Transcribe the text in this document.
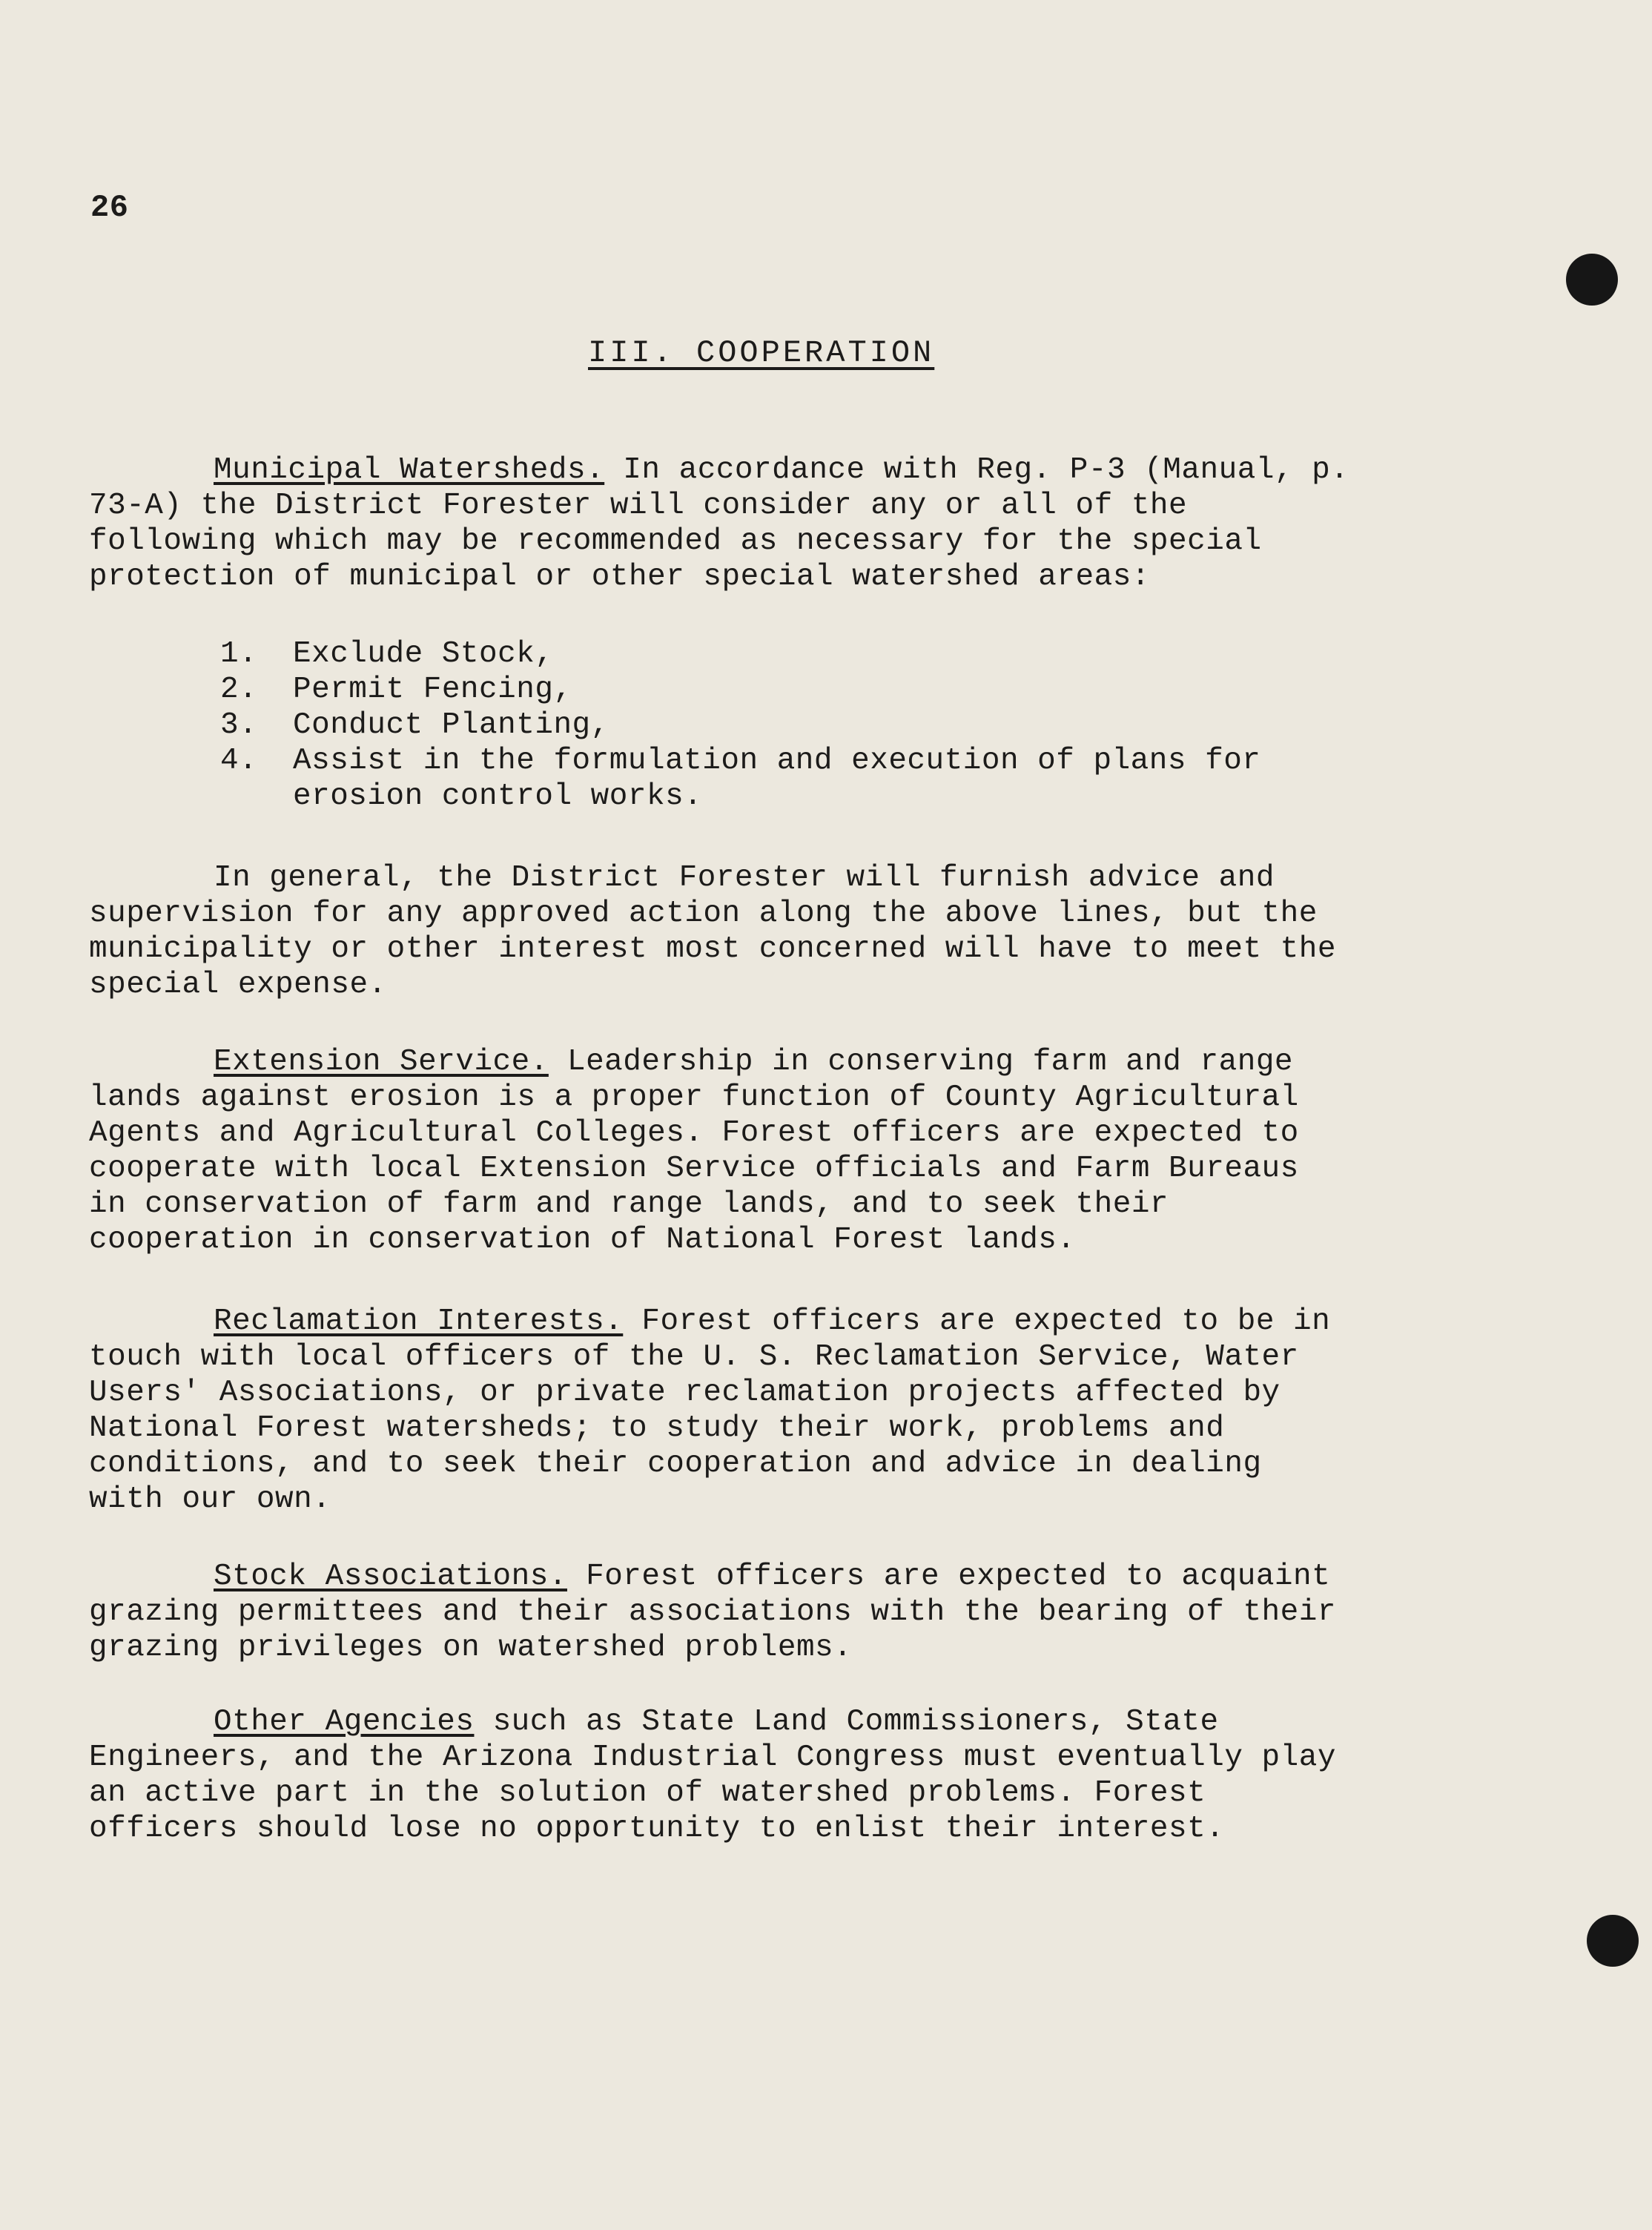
26
III. COOPERATION

Municipal Watersheds. In accordance with Reg. P-3 (Manual, p. 73-A) the District Forester will consider any or all of the following which may be recommended as necessary for the special protection of municipal or other special watershed areas:

1. Exclude Stock,
2. Permit Fencing,
3. Conduct Planting,
4. Assist in the formulation and execution of plans for erosion control works.

In general, the District Forester will furnish advice and supervision for any approved action along the above lines, but the municipality or other interest most concerned will have to meet the special expense.

Extension Service. Leadership in conserving farm and range lands against erosion is a proper function of County Agricultural Agents and Agricultural Colleges. Forest officers are expected to cooperate with local Extension Service officials and Farm Bureaus in conservation of farm and range lands, and to seek their cooperation in conservation of National Forest lands.

Reclamation Interests. Forest officers are expected to be in touch with local officers of the U. S. Reclamation Service, Water Users' Associations, or private reclamation projects affected by National Forest watersheds; to study their work, problems and conditions, and to seek their cooperation and advice in dealing with our own.

Stock Associations. Forest officers are expected to acquaint grazing permittees and their associations with the bearing of their grazing privileges on watershed problems.

Other Agencies such as State Land Commissioners, State Engineers, and the Arizona Industrial Congress must eventually play an active part in the solution of watershed problems. Forest officers should lose no opportunity to enlist their interest.
